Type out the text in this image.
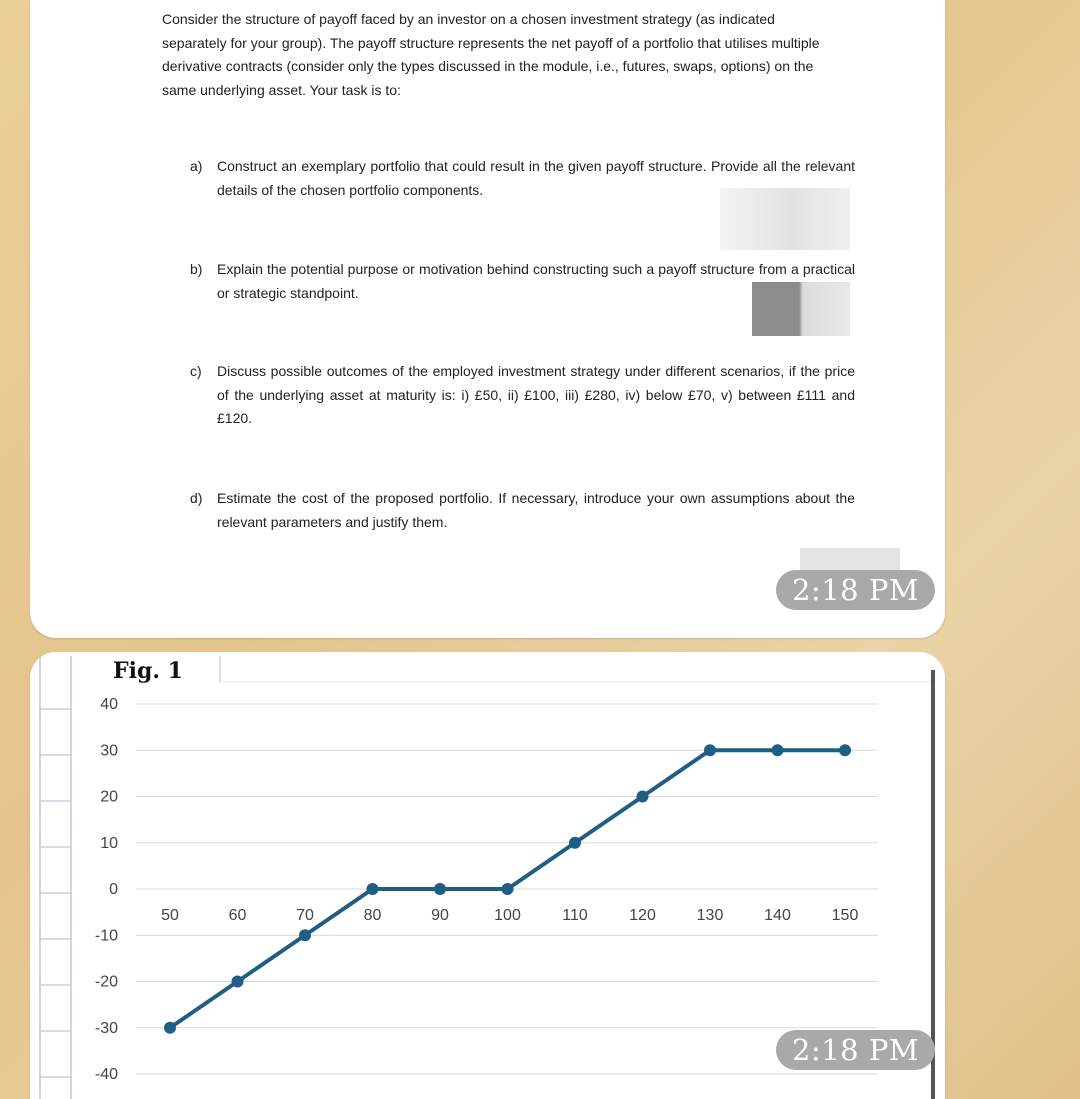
Consider the structure of payoff faced by an investor on a chosen investment strategy (as indicated separately for your group). The payoff structure represents the net payoff of a portfolio that utilises multiple derivative contracts (consider only the types discussed in the module, i.e., futures, swaps, options) on the same underlying asset. Your task is to:

a) Construct an exemplary portfolio that could result in the given payoff structure. Provide all the relevant details of the chosen portfolio components.
b) Explain the potential purpose or motivation behind constructing such a payoff structure from a practical or strategic standpoint.
c) Discuss possible outcomes of the employed investment strategy under different scenarios, if the price of the underlying asset at maturity is: i) £50, ii) £100, iii) £280, iv) below £70, v) between £111 and £120.
d) Estimate the cost of the proposed portfolio. If necessary, introduce your own assumptions about the relevant parameters and justify them.
2:18 PM
Fig. 1
40
30
20
10
0
-10
-20
-30
-40
50	60	70	80	90	100	110	120	130	140	150
2:18 PM
